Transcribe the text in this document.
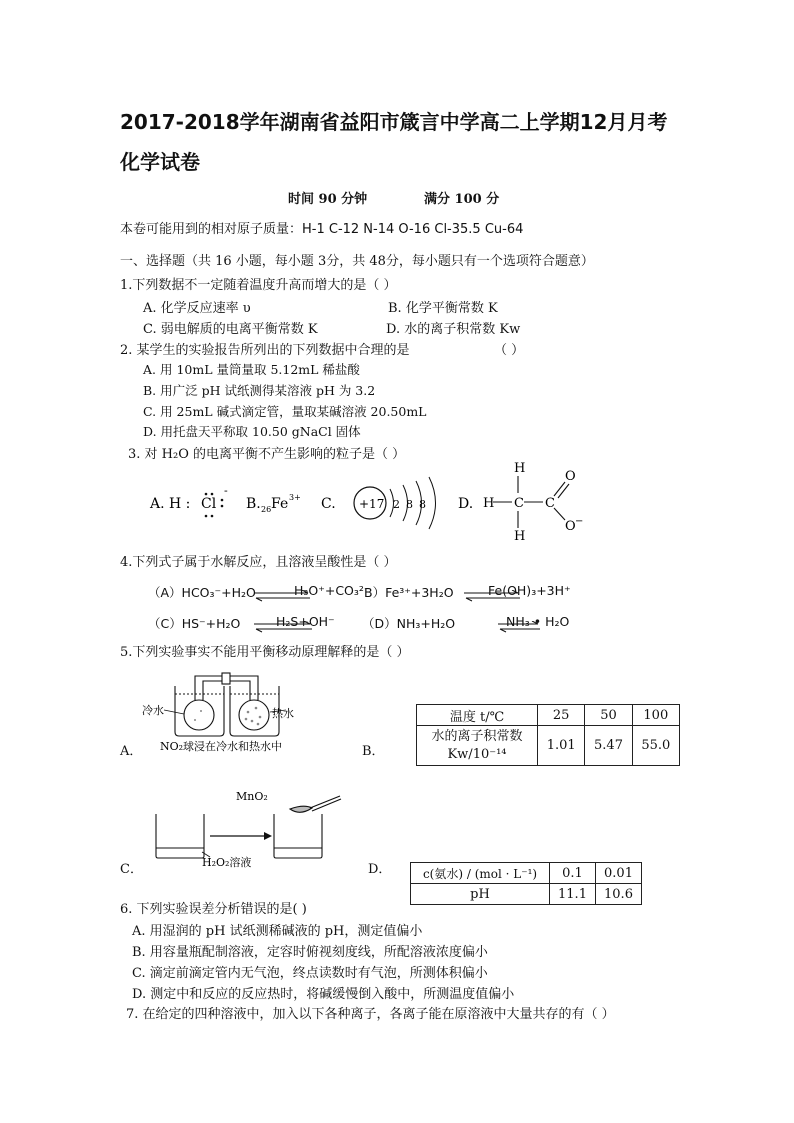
2017-2018学年湖南省益阳市箴言中学高二上学期12月月考
化学试卷
时间 90 分钟	满分 100 分
本卷可能用到的相对原子质量：H-1 C-12 N-14 O-16 Cl-35.5 Cu-64
一、选择题（共 16 小题，每小题 3分，共 48分，每小题只有一个选项符合题意）
1.下列数据不一定随着温度升高而增大的是（ ）
A. 化学反应速率 υ	B. 化学平衡常数 K
C. 弱电解质的电离平衡常数 K	D. 水的离子积常数 Kw
2. 某学生的实验报告所列出的下列数据中合理的是	（ ）
A. 用 10mL 量筒量取 5.12mL 稀盐酸
B. 用广泛 pH 试纸测得某溶液 pH 为 3.2
C. 用 25mL 碱式滴定管，量取某碱溶液 20.50mL
D. 用托盘天平称取 10.50 gNaCl 固体
3. 对 H₂O 的电离平衡不产生影响的粒子是（ ）
A. H : Cl
-
B. 26 Fe 3+ C. +17 2 8 8 D.
H
H C
H
C
O
O −
4.下列式子属于水解反应，且溶液呈酸性是（ ）
（A）HCO₃⁻+H₂O	H₃O⁺+CO₃²⁻
B）Fe³⁺+3H₂O	Fe(OH)₃+3H⁺
（C）HS⁻+H₂O	H₂S+OH⁻ （D）NH₃+H₂O	NH₃ • H₂O
5.下列实验事实不能用平衡移动原理解释的是（ ）
冷水	热水
NO₂球浸在冷水和热水中
A．	B．
温度 t/℃	25	50	100

水的离子积常数
Kw/10⁻¹⁴	1.01	5.47	55.0
MnO₂
H₂O₂溶液
C．	D．	c(氨水) / (mol · L⁻¹)	0.1	0.01
pH	11.1	10.6
6. 下列实验误差分析错误的是( )
A. 用湿润的 pH 试纸测稀碱液的 pH，测定值偏小
B. 用容量瓶配制溶液，定容时俯视刻度线，所配溶液浓度偏小
C. 滴定前滴定管内无气泡，终点读数时有气泡，所测体积偏小
D. 测定中和反应的反应热时，将碱缓慢倒入酸中，所测温度值偏小
7. 在给定的四种溶液中，加入以下各种离子，各离子能在原溶液中大量共存的有（ ）
